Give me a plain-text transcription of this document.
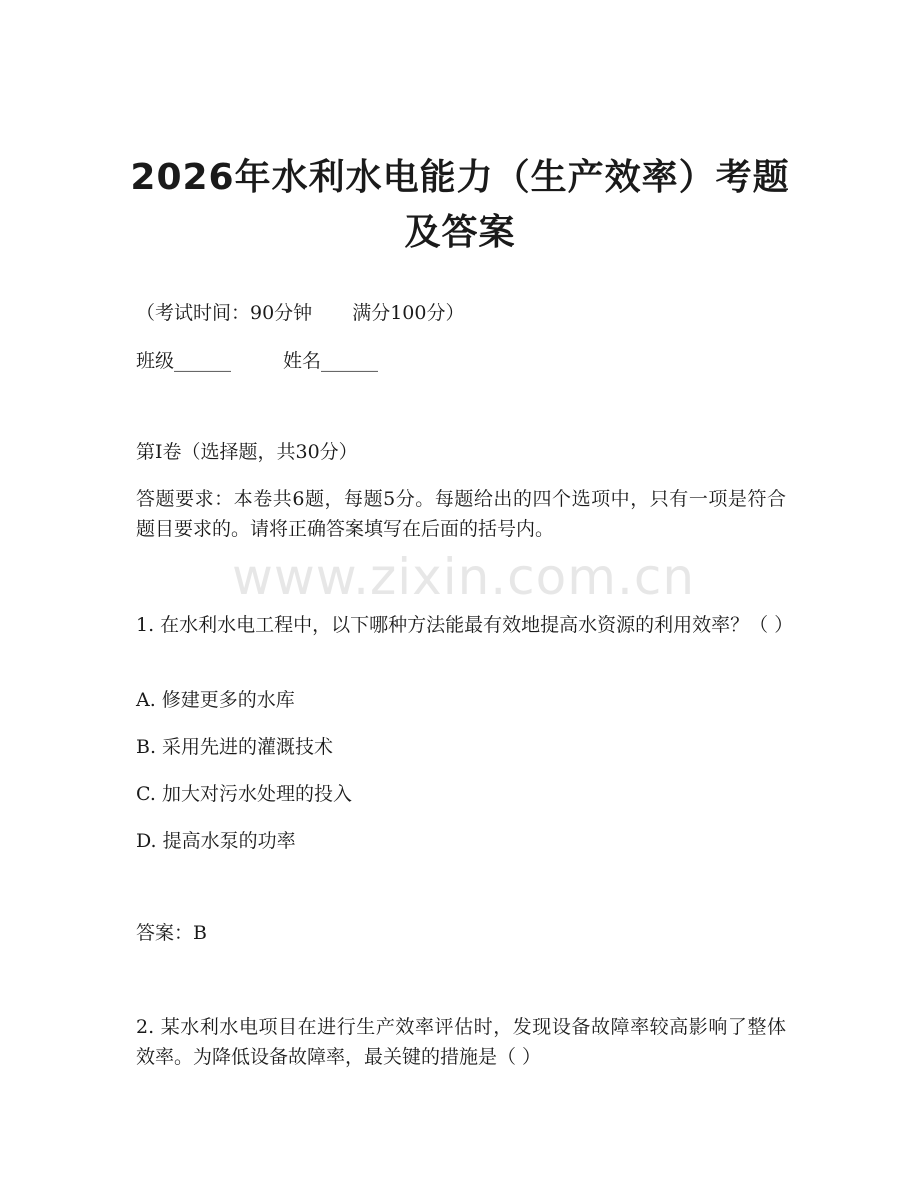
2026年水利水电能力（生产效率）考题及答案
（考试时间：90分钟 满分100分）
班级______	姓名______
第Ⅰ卷（选择题，共30分）
答题要求：本卷共6题，每题5分。每题给出的四个选项中，只有一项是符合题目要求的。请将正确答案填写在后面的括号内。
www.zixin.com.cn
1. 在水利水电工程中，以下哪种方法能最有效地提高水资源的利用效率？（ ）
A. 修建更多的水库
B. 采用先进的灌溉技术
C. 加大对污水处理的投入
D. 提高水泵的功率
答案：B
2. 某水利水电项目在进行生产效率评估时，发现设备故障率较高影响了整体效率。为降低设备故障率，最关键的措施是（ ）
